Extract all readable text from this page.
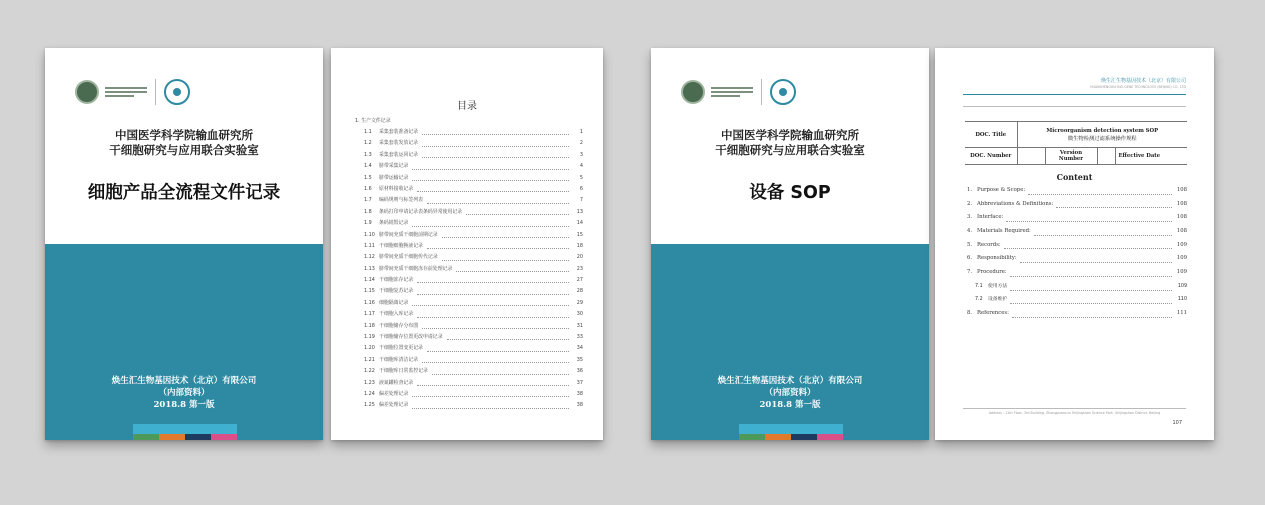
中国医学科学院输血研究所
干细胞研究与应用联合实验室
细胞产品全流程文件记录
焕生汇生物基因技术（北京）有限公司
（内部资料）
2018.8 第一版
目录
1. 生产文件记录
1.1	采集套装准备记录	1
1.2	采集套装发放记录	2
1.3	采集套装运回记录	3
1.4	脐带采集记录	4
1.5	脐带运输记录	5
1.6	原材料接收记录	6
1.7	编码规则与标签列表	7
1.8	条码打印申请记录表条码异常使用记录	13
1.9	条码销毁记录	14
1.10 脐带间充质干细胞前期记录	15
1.11 干细胞细胞换液记录	18
1.12 脐带间充质干细胞传代记录	20
1.13 脐带间充质干细胞冻存前处理记录	23
1.14 干细胞冻存记录	27
1.15 干细胞复苏记录	28
1.16 细胞隔离记录	29
1.17 干细胞入库记录	30
1.18 干细胞储存分布图	31
1.19 干细胞储存位置更改申请记录	33
1.20 干细胞位置变更记录	34
1.21 干细胞库清洁记录	35
1.22 干细胞库日常监控记录	36
1.23 液氮罐检查记录	37
1.24 偏差处理记录	38
1.25 偏差处理记录	38
中国医学科学院输血研究所
干细胞研究与应用联合实验室
设备 SOP
焕生汇生物基因技术（北京）有限公司
（内部资料）
2018.8 第一版
焕生汇生物基因技术（北京）有限公司
HUANSHENGHUI BIO-GENE TECHNOLOGY (BEIJING) CO., LTD
DOC. Title	Microorganism detection system SOP
微生物检测过滤系统操作规程			

DOC. Number		Version Number		Effective Date
Content
1. Purpose & Scope:	108
2. Abbreviations & Definitions:	108
3. Interface:	108
4. Materials Required:	108
5. Records:	109
6. Responsibility:	109
7. Procedure:	109
7.1	使用方法	109
7.2	设备维护	110
8. References:	111
Address : 11th Floor, 3rd Building, Zhongguancun Shijingshan Science Park, Shijingshan District, Beijing
107
